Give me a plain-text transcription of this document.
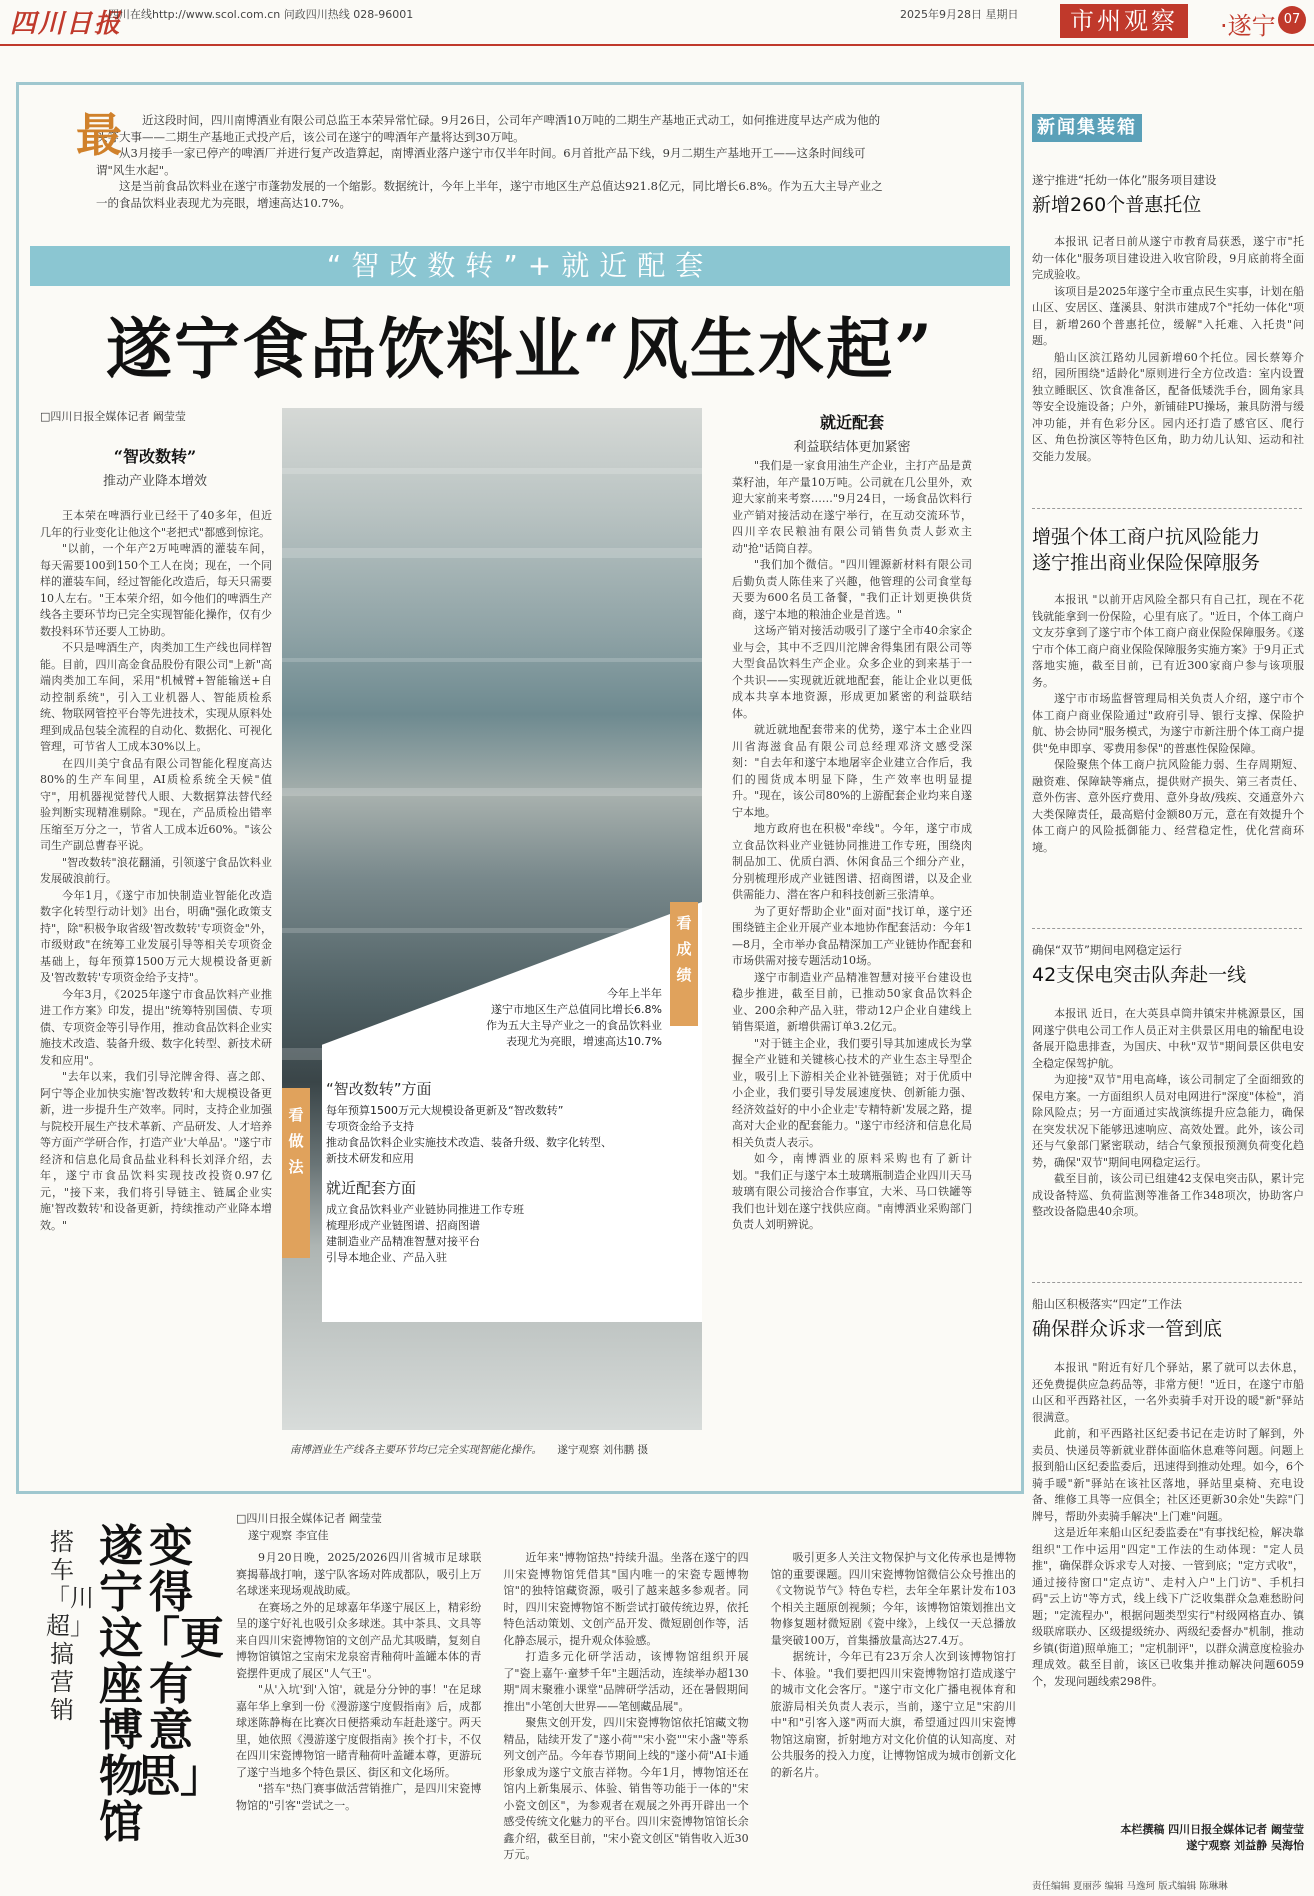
四川日报
四川在线http://www.scol.com.cn 问政四川热线 028-96001	2025年9月28日 星期日	市州观察	·遂宁 07
最	近这段时间，四川南博酒业有限公司总监王本荣异常忙碌。9月26日，公司年产啤酒10万吨的二期生产基地正式动工，如何推进度早达产成为他的头等大事——二期生产基地正式投产后，该公司在遂宁的啤酒年产量将达到30万吨。

从3月接手一家已停产的啤酒厂并进行复产改造算起，南博酒业落户遂宁市仅半年时间。6月首批产品下线，9月二期生产基地开工——这条时间线可谓"风生水起"。

这是当前食品饮料业在遂宁市蓬勃发展的一个缩影。数据统计，今年上半年，遂宁市地区生产总值达921.8亿元，同比增长6.8%。作为五大主导产业之一的食品饮料业表现尤为亮眼，增速高达10.7%。

“智改数转”+就近配套
遂宁食品饮料业“风生水起”
□四川日报全媒体记者 阚莹莹
“智改数转”
推动产业降本增效

王本荣在啤酒行业已经干了40多年，但近几年的行业变化让他这个"老把式"都感到惊诧。

"以前，一个年产2万吨啤酒的灌装车间，每天需要100到150个工人在岗；现在，一个同样的灌装车间，经过智能化改造后，每天只需要10人左右。"王本荣介绍，如今他们的啤酒生产线各主要环节均已完全实现智能化操作，仅有少数投料环节还要人工协助。

不只是啤酒生产，肉类加工生产线也同样智能。目前，四川高金食品股份有限公司"上新"高端肉类加工车间，采用"机械臂+智能输送+自动控制系统"，引入工业机器人、智能质检系统、物联网管控平台等先进技术，实现从原料处理到成品包装全流程的自动化、数据化、可视化管理，可节省人工成本30%以上。

在四川美宁食品有限公司智能化程度高达80%的生产车间里，AI质检系统全天候"值守"，用机器视觉替代人眼、大数据算法替代经验判断实现精准剔除。"现在，产品质检出错率压缩至万分之一，节省人工成本近60%。"该公司生产副总曹春平说。

"智改数转"浪花翻涌，引领遂宁食品饮料业发展破浪前行。

今年1月，《遂宁市加快制造业智能化改造数字化转型行动计划》出台，明确"强化政策支持"，除"积极争取省级'智改数转'专项资金"外，市级财政"在统筹工业发展引导等相关专项资金基础上，每年预算1500万元大规模设备更新及'智改数转'专项资金给予支持"。

今年3月，《2025年遂宁市食品饮料产业推进工作方案》印发，提出"统筹特别国债、专项债、专项资金等引导作用，推动食品饮料企业实施技术改造、装备升级、数字化转型、新技术研发和应用"。

"去年以来，我们引导沱牌舍得、喜之郎、阿宁等企业加快实施'智改数转'和大规模设备更新，进一步提升生产效率。同时，支持企业加强与院校开展生产技术革新、产品研发、人才培养等方面产学研合作，打造产业'大单品'。"遂宁市经济和信息化局食品盐业科科长刘泽介绍，去年，遂宁市食品饮料实现技改投资0.97亿元，"接下来，我们将引导链主、链属企业实施'智改数转'和设备更新，持续推动产业降本增效。"

看成绩
今年上半年
遂宁市地区生产总值同比增长6.8%
作为五大主导产业之一的食品饮料业
表现尤为亮眼，增速高达10.7%
看做法
“智改数转”方面
每年预算1500万元大规模设备更新及“智改数转”
专项资金给予支持
推动食品饮料企业实施技术改造、装备升级、数字化转型、
新技术研发和应用
就近配套方面
成立食品饮料业产业链协同推进工作专班
梳理形成产业链图谱、招商图谱
建制造业产品精准智慧对接平台
引导本地企业、产品入驻
南博酒业生产线各主要环节均已完全实现智能化操作。 遂宁观察 刘伟鹏 摄
就近配套
利益联结体更加紧密

"我们是一家食用油生产企业，主打产品是黄菜籽油，年产量10万吨。公司就在几公里外，欢迎大家前来考察……"9月24日，一场食品饮料行业产销对接活动在遂宁举行，在互动交流环节，四川辛农民粮油有限公司销售负责人彭欢主动"抢"话筒自荐。

"我们加个微信。"四川锂源新材料有限公司后勤负责人陈佳来了兴趣，他管理的公司食堂每天要为600名员工备餐，"我们正计划更换供货商，遂宁本地的粮油企业是首选。"

这场产销对接活动吸引了遂宁全市40余家企业与会，其中不乏四川沱牌舍得集团有限公司等大型食品饮料生产企业。众多企业的到来基于一个共识——实现就近就地配套，能让企业以更低成本共享本地资源，形成更加紧密的利益联结体。

就近就地配套带来的优势，遂宁本土企业四川省海滋食品有限公司总经理邓济文感受深刻："自去年和遂宁本地屠宰企业建立合作后，我们的囤货成本明显下降，生产效率也明显提升。"现在，该公司80%的上游配套企业均来自遂宁本地。

地方政府也在积极"牵线"。今年，遂宁市成立食品饮料业产业链协同推进工作专班，围绕肉制品加工、优质白酒、休闲食品三个细分产业，分别梳理形成产业链图谱、招商图谱，以及企业供需能力、潜在客户和科技创新三张清单。

为了更好帮助企业"面对面"找订单，遂宁还围绕链主企业开展产业本地协作配套活动：今年1—8月，全市举办食品精深加工产业链协作配套和市场供需对接专题活动10场。

遂宁市制造业产品精准智慧对接平台建设也稳步推进，截至目前，已推动50家食品饮料企业、200余种产品入驻，带动12户企业自建线上销售渠道，新增供需订单3.2亿元。

"对于链主企业，我们要引导其加速成长为掌握全产业链和关键核心技术的产业生态主导型企业，吸引上下游相关企业补链强链；对于优质中小企业，我们要引导发展速度快、创新能力强、经济效益好的中小企业走'专精特新'发展之路，提高对大企业的配套能力。"遂宁市经济和信息化局相关负责人表示。

如今，南博酒业的原料采购也有了新计划。"我们正与遂宁本土玻璃瓶制造企业四川天马玻璃有限公司接洽合作事宜，大米、马口铁罐等我们也计划在遂宁找供应商。"南博酒业采购部门负责人刘明辨说。

新闻集装箱
遂宁推进“托幼一体化”服务项目建设
新增260个普惠托位

本报讯 记者日前从遂宁市教育局获悉，遂宁市"托幼一体化"服务项目建设进入收官阶段，9月底前将全面完成验收。

该项目是2025年遂宁全市重点民生实事，计划在船山区、安居区、蓬溪县、射洪市建成7个"托幼一体化"项目，新增260个普惠托位，缓解"入托难、入托贵"问题。

船山区滨江路幼儿园新增60个托位。园长蔡筹介绍，园所围绕"适龄化"原则进行全方位改造：室内设置独立睡眠区、饮食准备区，配备低矮洗手台，圆角家具等安全设施设备；户外，新铺硅PU操场，兼具防滑与缓冲功能，并有色彩分区。园内还打造了感官区、爬行区、角色扮演区等特色区角，助力幼儿认知、运动和社交能力发展。

增强个体工商户抗风险能力
遂宁推出商业保险保障服务

本报讯 "以前开店风险全都只有自己扛，现在不花钱就能拿到一份保险，心里有底了。"近日，个体工商户文友芬拿到了遂宁市个体工商户商业保险保障服务。《遂宁市个体工商户商业保险保障服务实施方案》于9月正式落地实施，截至目前，已有近300家商户参与该项服务。

遂宁市市场监督管理局相关负责人介绍，遂宁市个体工商户商业保险通过"政府引导、银行支撑、保险护航、协会协同"服务模式，为遂宁市新注册个体工商户提供"免申即享、零费用参保"的普惠性保险保障。

保险聚焦个体工商户抗风险能力弱、生存周期短、融资难、保障缺等痛点，提供财产损失、第三者责任、意外伤害、意外医疗费用、意外身故/残疾、交通意外六大类保障责任，最高赔付金额80万元，意在有效提升个体工商户的风险抵御能力、经营稳定性，优化营商环境。

确保“双节”期间电网稳定运行
42支保电突击队奔赴一线

本报讯 近日，在大英县卓筒井镇宋井桃源景区，国网遂宁供电公司工作人员正对主供景区用电的输配电设备展开隐患排查，为国庆、中秋"双节"期间景区供电安全稳定保驾护航。

为迎接"双节"用电高峰，该公司制定了全面细致的保电方案。一方面组织人员对电网进行"深度"体检"，消除风险点；另一方面通过实战演练提升应急能力，确保在突发状况下能够迅速响应、高效处置。此外，该公司还与气象部门紧密联动，结合气象预报预测负荷变化趋势，确保"双节"期间电网稳定运行。

截至目前，该公司已组建42支保电突击队，累计完成设备特巡、负荷监测等准备工作348项次，协助客户整改设备隐患40余项。

船山区积极落实“四定”工作法
确保群众诉求一管到底

本报讯 "附近有好几个驿站，累了就可以去休息，还免费提供应急药品等，非常方便！"近日，在遂宁市船山区和平西路社区，一名外卖骑手对开设的暖"新"驿站很满意。

此前，和平西路社区纪委书记在走访时了解到，外卖员、快递员等新就业群体面临休息难等问题。问题上报到船山区纪委监委后，迅速得到推动处理。如今，6个骑手暖"新"驿站在该社区落地，驿站里桌椅、充电设备、维修工具等一应俱全；社区还更新30余处"失踪"门牌号，帮助外卖骑手解决"上门难"问题。

这是近年来船山区纪委监委在"有事找纪检，解决靠组织"工作中运用"四定"工作法的生动体现："定人员推"，确保群众诉求专人对接、一管到底；"定方式收"，通过接待窗口"定点访"、走村入户"上门访"、手机扫码"云上访"等方式，线上线下广泛收集群众急难愁盼问题；"定流程办"，根据问题类型实行"村级网格直办、镇级联席联办、区级提级统办、两级纪委督办"机制，推动乡镇(街道)照单施工；"定机制评"，以群众满意度检验办理成效。截至目前，该区已收集并推动解决问题6059个，发现问题线索298件。

本栏撰稿 四川日报全媒体记者 阚莹莹
遂宁观察 刘益静 吴海怡
搭车「川超」搞营销
变得「更有意思」
遂宁这座博物馆
□四川日报全媒体记者 阚莹莹
遂宁观察 李宜佳

9月20日晚，2025/2026四川省城市足球联赛揭幕战打响，遂宁队客场对阵成都队，吸引上万名球迷来现场观战助威。

在赛场之外的足球嘉年华遂宁展区上，精彩纷呈的遂宁好礼也吸引众多球迷。其中茶具、文具等来自四川宋瓷博物馆的文创产品尤其吸睛，复刻自博物馆镇馆之宝南宋龙泉窑青釉荷叶盖罐本体的青瓷摆件更成了展区"人气王"。

"从'入坑'到'入馆'，就是分分钟的事！"在足球嘉年华上拿到一份《漫游遂宁度假指南》后，成都球迷陈静梅在比赛次日便搭乘动车赶赴遂宁。两天里，她依照《漫游遂宁度假指南》挨个打卡，不仅在四川宋瓷博物馆一睹青釉荷叶盖罐本尊，更游玩了遂宁当地多个特色景区、街区和文化场所。

"搭车"热门赛事做活营销推广，是四川宋瓷博物馆的"引客"尝试之一。

近年来"博物馆热"持续升温。坐落在遂宁的四川宋瓷博物馆凭借其"国内唯一的宋瓷专题博物馆"的独特馆藏资源，吸引了越来越多参观者。同时，四川宋瓷博物馆不断尝试打破传统边界，依托特色活动策划、文创产品开发、微短剧创作等，活化静态展示，提升观众体验感。

打造多元化研学活动，该博物馆组织开展了"瓷上嘉午·童梦千年"主题活动，连续举办超130期"周末聚雅小课堂"品牌研学活动，还在暑假期间推出"小笔创大世界——笔刨藏品展"。

聚焦文创开发，四川宋瓷博物馆依托馆藏文物精品，陆续开发了"遂小荷""宋小瓷""宋小盏"等系列文创产品。今年春节期间上线的"遂小荷"AI卡通形象成为遂宁文旅吉祥物。今年1月，博物馆还在馆内上新集展示、体验、销售等功能于一体的"宋小瓷文创区"，为参观者在观展之外再开辟出一个感受传统文化魅力的平台。四川宋瓷博物馆馆长余鑫介绍，截至目前，"宋小瓷文创区"销售收入近30万元。

吸引更多人关注文物保护与文化传承也是博物馆的重要课题。四川宋瓷博物馆微信公众号推出的《文物说节气》特色专栏，去年全年累计发布103个相关主题原创视频；今年，该博物馆策划推出文物修复题材微短剧《瓷中缘》，上线仅一天总播放量突破100万，首集播放量高达27.4万。

据统计，今年已有23万余人次到该博物馆打卡、体验。"我们要把四川宋瓷博物馆打造成遂宁的城市文化会客厅。"遂宁市文化广播电视体育和旅游局相关负责人表示，当前，遂宁立足"宋韵川中"和"引客入遂"两而大旗，希望通过四川宋瓷博物馆这扇窗，折射地方对文化价值的认知高度、对公共服务的投入力度，让博物馆成为城市创新文化的新名片。

责任编辑 夏丽莎 编辑 马逸珂 版式编辑 陈琳琳
